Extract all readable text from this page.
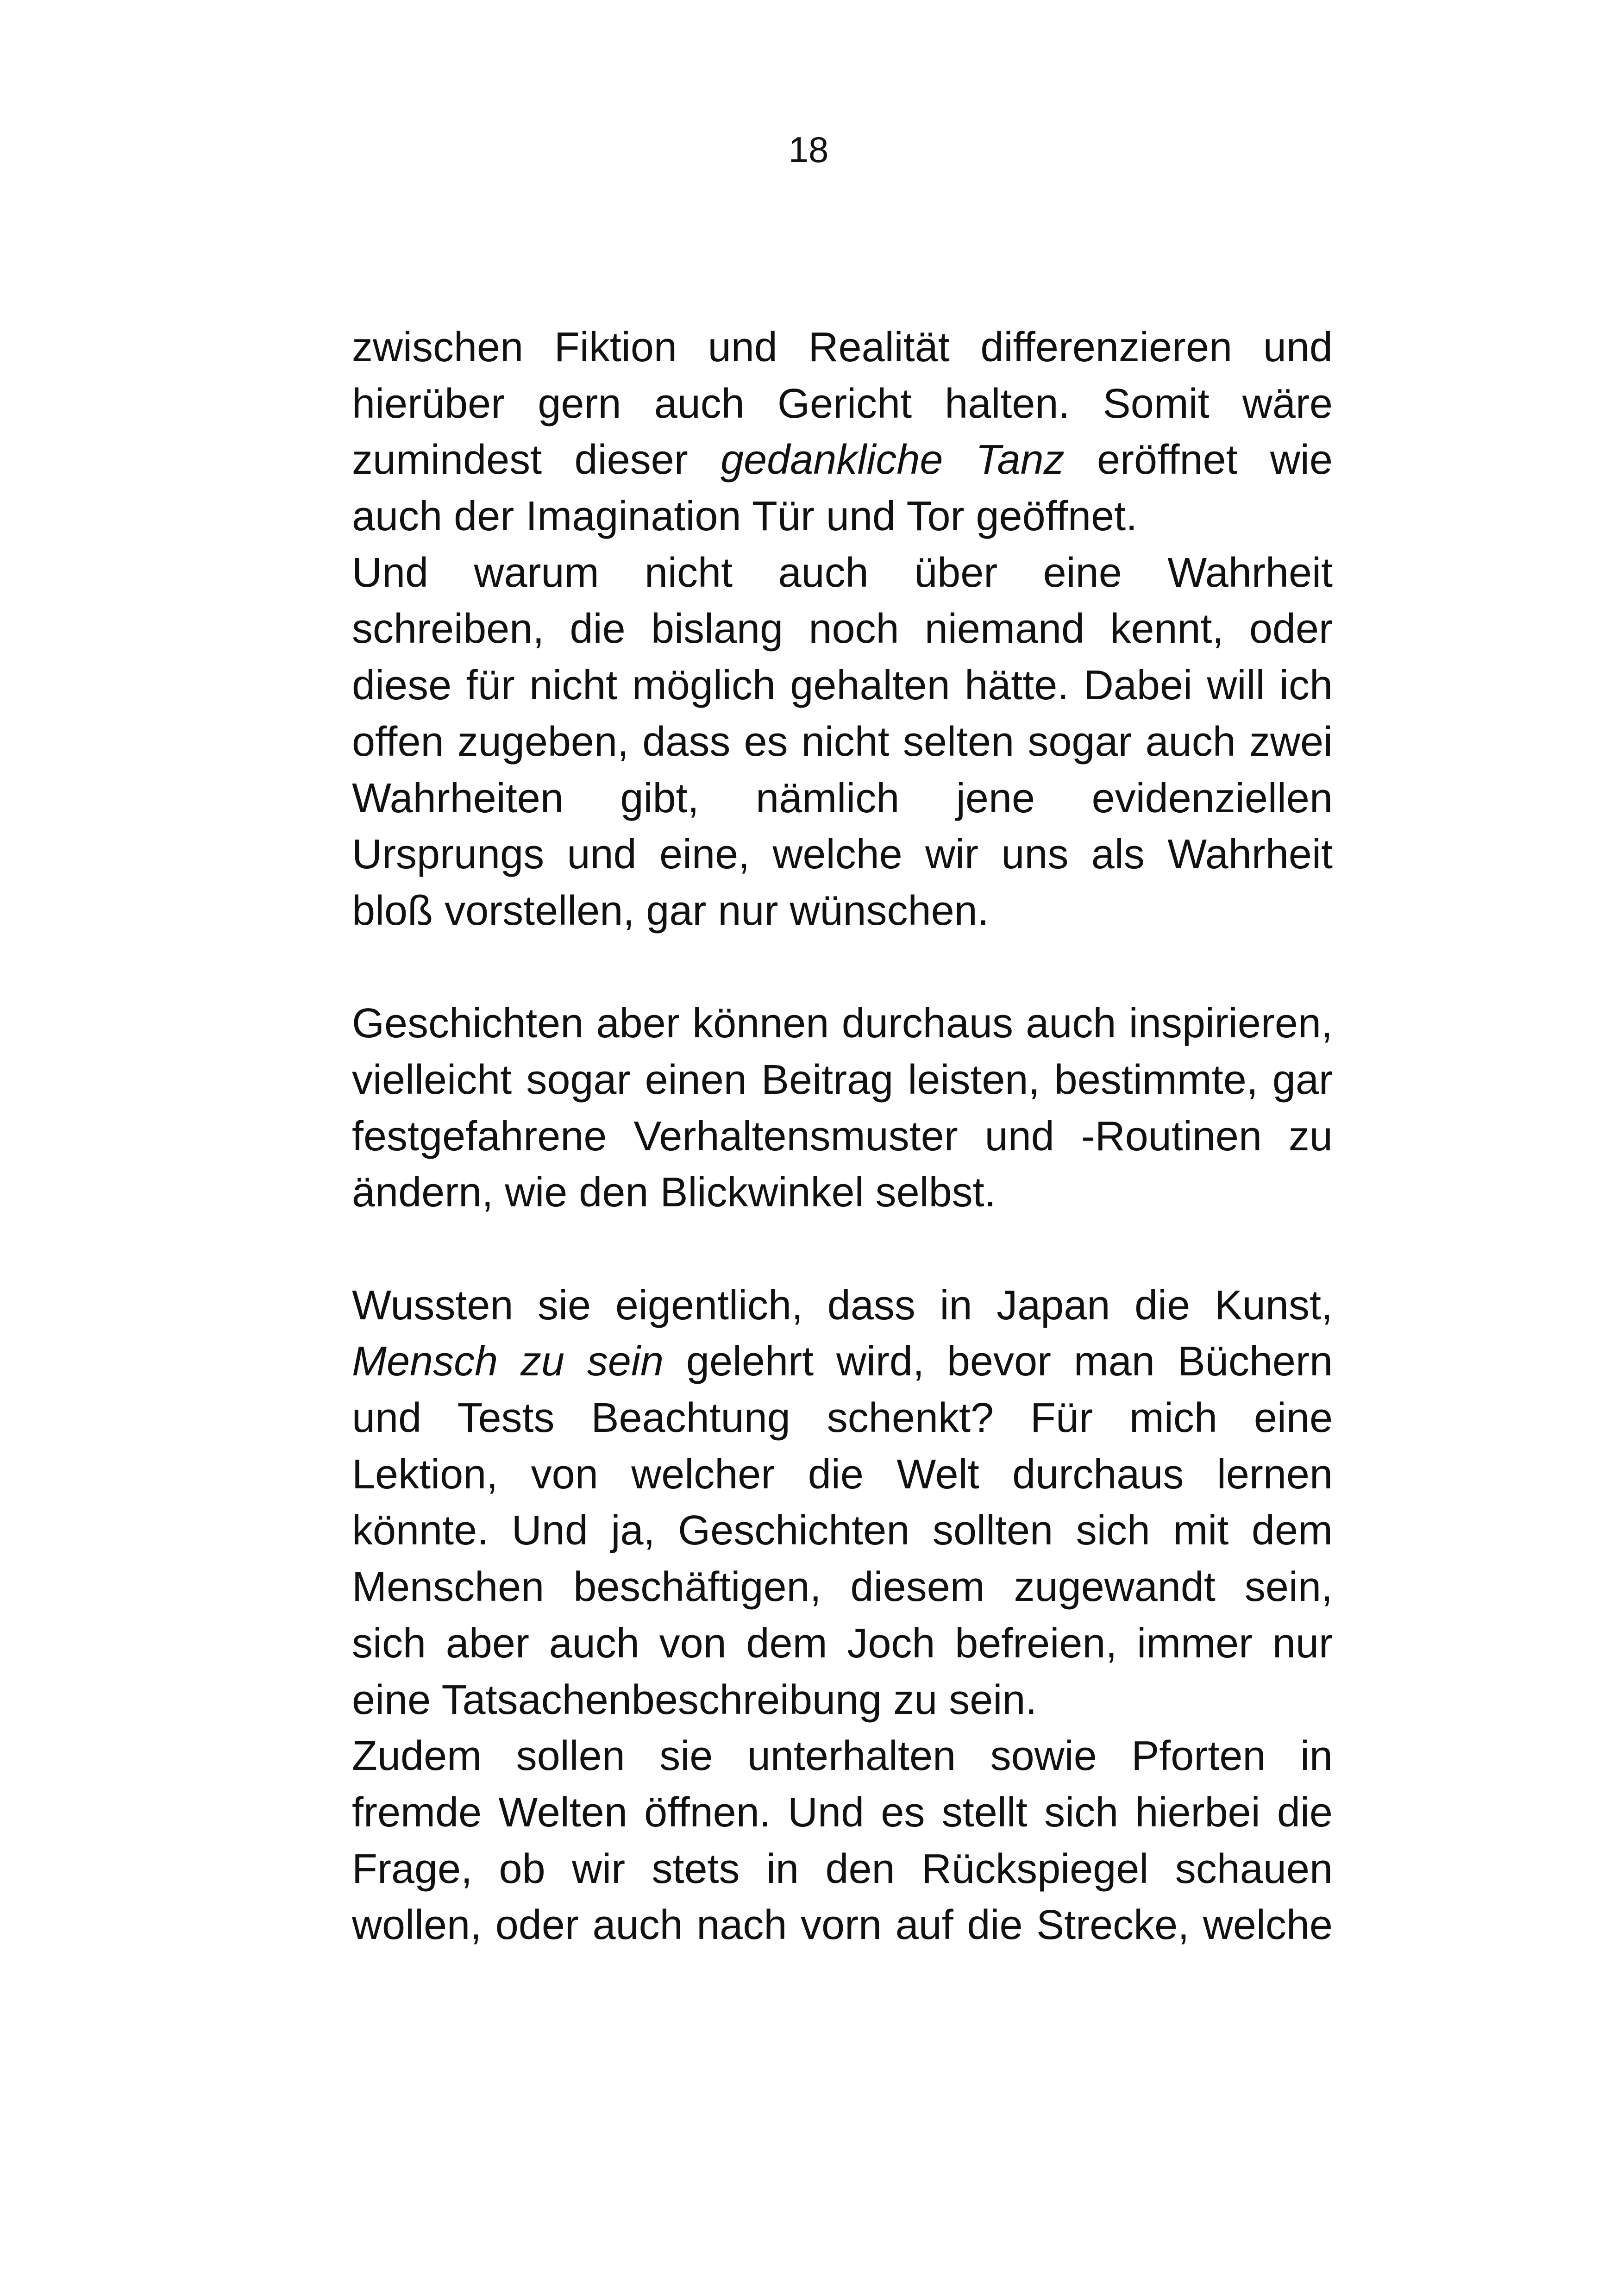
18
zwischen Fiktion und Realität differenzieren und
hierüber gern auch Gericht halten. Somit wäre
zumindest dieser gedankliche Tanz eröffnet wie
auch der Imagination Tür und Tor geöffnet.
Und warum nicht auch über eine Wahrheit
schreiben, die bislang noch niemand kennt, oder
diese für nicht möglich gehalten hätte. Dabei will ich
offen zugeben, dass es nicht selten sogar auch zwei
Wahrheiten gibt, nämlich jene evidenziellen
Ursprungs und eine, welche wir uns als Wahrheit
bloß vorstellen, gar nur wünschen.
Geschichten aber können durchaus auch inspirieren,
vielleicht sogar einen Beitrag leisten, bestimmte, gar
festgefahrene Verhaltensmuster und -Routinen zu
ändern, wie den Blickwinkel selbst.
Wussten sie eigentlich, dass in Japan die Kunst,
Mensch zu sein gelehrt wird, bevor man Büchern
und Tests Beachtung schenkt? Für mich eine
Lektion, von welcher die Welt durchaus lernen
könnte. Und ja, Geschichten sollten sich mit dem
Menschen beschäftigen, diesem zugewandt sein,
sich aber auch von dem Joch befreien, immer nur
eine Tatsachenbeschreibung zu sein.
Zudem sollen sie unterhalten sowie Pforten in
fremde Welten öffnen. Und es stellt sich hierbei die
Frage, ob wir stets in den Rückspiegel schauen
wollen, oder auch nach vorn auf die Strecke, welche
